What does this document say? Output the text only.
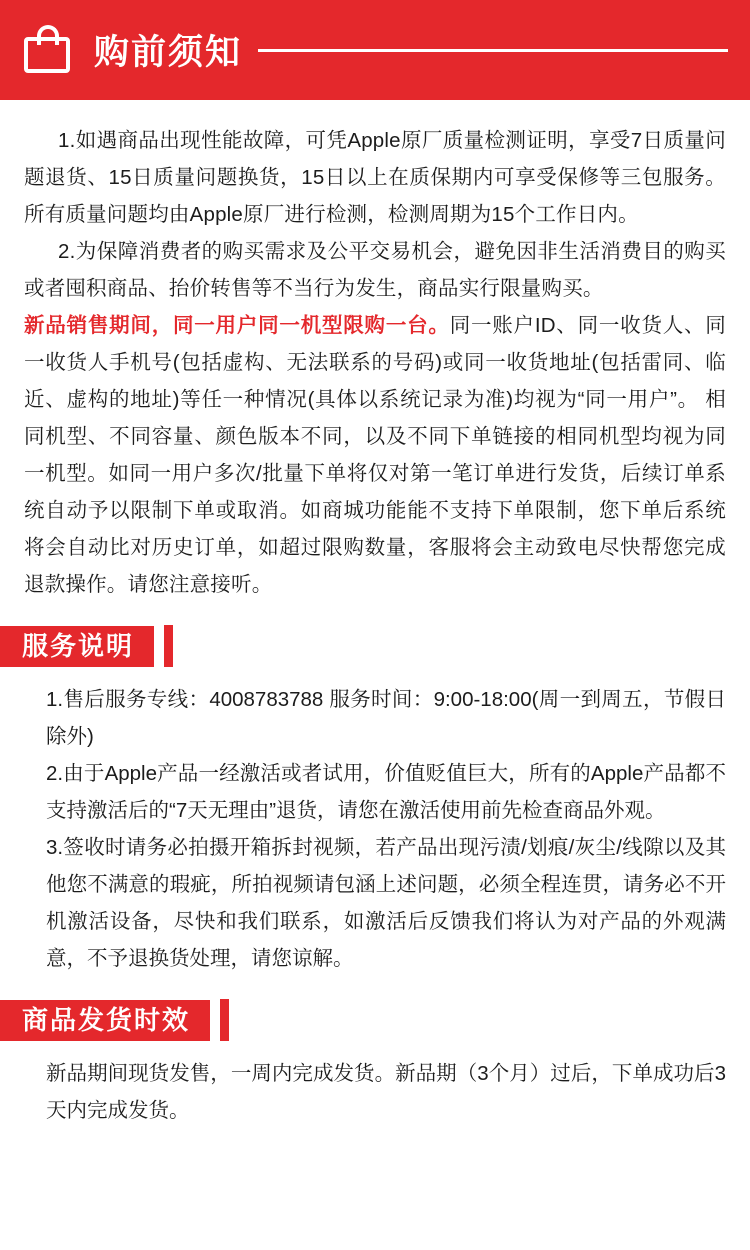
购前须知

1.如遇商品出现性能故障，可凭Apple原厂质量检测证明，享受7日质量问题退货、15日质量问题换货，15日以上在质保期内可享受保修等三包服务。所有质量问题均由Apple原厂进行检测，检测周期为15个工作日内。

2.为保障消费者的购买需求及公平交易机会，避免因非生活消费目的购买或者囤积商品、抬价转售等不当行为发生，商品实行限量购买。

新品销售期间，同一用户同一机型限购一台。同一账户ID、同一收货人、同一收货人手机号(包括虚构、无法联系的号码)或同一收货地址(包括雷同、临近、虚构的地址)等任一种情况(具体以系统记录为准)均视为“同一用户”。 相同机型、不同容量、颜色版本不同，以及不同下单链接的相同机型均视为同一机型。如同一用户多次/批量下单将仅对第一笔订单进行发货，后续订单系统自动予以限制下单或取消。如商城功能能不支持下单限制，您下单后系统将会自动比对历史订单，如超过限购数量，客服将会主动致电尽快帮您完成退款操作。请您注意接听。

服务说明

1.售后服务专线：4008783788 服务时间：9:00-18:00(周一到周五，节假日除外)

2.由于Apple产品一经激活或者试用，价值贬值巨大，所有的Apple产品都不支持激活后的“7天无理由”退货，请您在激活使用前先检查商品外观。

3.签收时请务必拍摄开箱拆封视频，若产品出现污渍/划痕/灰尘/线隙以及其他您不满意的瑕疵，所拍视频请包涵上述问题，必须全程连贯，请务必不开机激活设备，尽快和我们联系，如激活后反馈我们将认为对产品的外观满意，不予退换货处理，请您谅解。

商品发货时效

新品期间现货发售，一周内完成发货。新品期（3个月）过后，下单成功后3天内完成发货。
